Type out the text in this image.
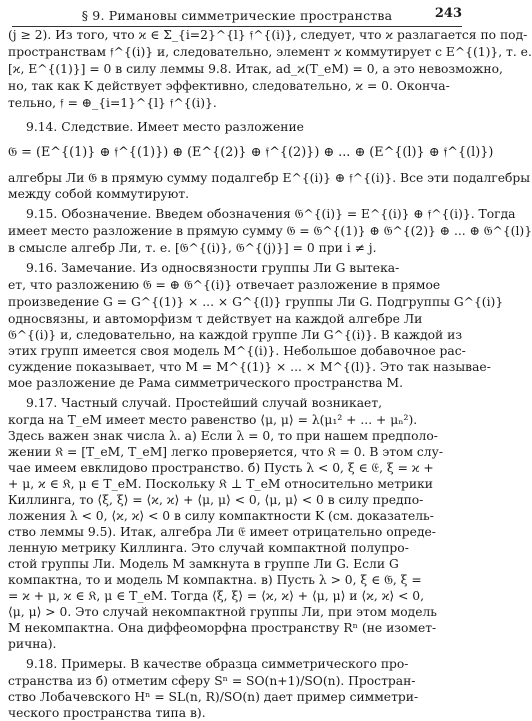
§ 9. Римановы симметрические пространства	243
(j ≥ 2). Из того, что ϰ ∈ Σ_{i=2}^{l} 𝔣^{(i)}, следует, что ϰ разлагается по под-
пространствам 𝔣^{(i)} и, следовательно, элемент ϰ коммутирует с E^{(1)}, т. е.
[ϰ, E^{(1)}] = 0 в силу леммы 9.8. Итак, ad_ϰ(T_eM) = 0, а это невозможно,
но, так как K действует эффективно, следовательно, ϰ = 0. Оконча-
тельно, 𝔣 = ⊕_{i=1}^{l} 𝔣^{(i)}.
9.14. Следствие. Имеет место разложение
𝔊 = (E^{(1)} ⊕ 𝔣^{(1)}) ⊕ (E^{(2)} ⊕ 𝔣^{(2)}) ⊕ ... ⊕ (E^{(l)} ⊕ 𝔣^{(l)})
алгебры Ли 𝔊 в прямую сумму подалгебр E^{(i)} ⊕ 𝔣^{(i)}. Все эти подалгебры
между собой коммутируют.
9.15. Обозначение. Введем обозначения 𝔊^{(i)} = E^{(i)} ⊕ 𝔣^{(i)}. Тогда
имеет место разложение в прямую сумму 𝔊 = 𝔊^{(1)} ⊕ 𝔊^{(2)} ⊕ ... ⊕ 𝔊^{(l)}
в смысле алгебр Ли, т. е. [𝔊^{(i)}, 𝔊^{(j)}] = 0 при i ≠ j.
9.16. Замечание. Из односвязности группы Ли G вытека-
ет, что разложению 𝔊 = ⊕ 𝔊^{(i)} отвечает разложение в прямое
произведение G = G^{(1)} × ... × G^{(l)} группы Ли G. Подгруппы G^{(i)}
односвязны, и автоморфизм τ действует на каждой алгебре Ли
𝔊^{(i)} и, следовательно, на каждой группе Ли G^{(i)}. В каждой из
этих групп имеется своя модель M^{(i)}. Небольшое добавочное рас-
суждение показывает, что M = M^{(1)} × ... × M^{(l)}. Это так называе-
мое разложение де Рама симметрического пространства M.
9.17. Частный случай. Простейший случай возникает,
когда на T_eM имеет место равенство ⟨μ, μ⟩ = λ(μ₁² + ... + μₙ²).
Здесь важен знак числа λ. а) Если λ = 0, то при нашем предполо-
жении 𝔎 = [T_eM, T_eM] легко проверяется, что 𝔎 = 0. В этом слу-
чае имеем евклидово пространство. б) Пусть λ < 0, ξ ∈ 𝔈, ξ = ϰ +
+ μ, ϰ ∈ 𝔎, μ ∈ T_eM. Поскольку 𝔎 ⊥ T_eM относительно метрики
Киллинга, то ⟨ξ, ξ⟩ = ⟨ϰ, ϰ⟩ + ⟨μ, μ⟩ < 0, ⟨μ, μ⟩ < 0 в силу предпо-
ложения λ < 0, ⟨ϰ, ϰ⟩ < 0 в силу компактности K (см. доказатель-
ство леммы 9.5). Итак, алгебра Ли 𝔈 имеет отрицательно опреде-
ленную метрику Киллинга. Это случай компактной полупро-
стой группы Ли. Модель M замкнута в группе Ли G. Если G
компактна, то и модель M компактна. в) Пусть λ > 0, ξ ∈ 𝔊, ξ =
= ϰ + μ, ϰ ∈ 𝔎, μ ∈ T_eM. Тогда ⟨ξ, ξ⟩ = ⟨ϰ, ϰ⟩ + ⟨μ, μ⟩ и ⟨ϰ, ϰ⟩ < 0,
⟨μ, μ⟩ > 0. Это случай некомпактной группы Ли, при этом модель
M некомпактна. Она диффеоморфна пространству Rⁿ (не изомет-
рична).
9.18. Примеры. В качестве образца симметрического про-
странства из б) отметим сферу Sⁿ = SO(n+1)/SO(n). Простран-
ство Лобачевского Hⁿ = SL(n, R)/SO(n) дает пример симметри-
ческого пространства типа в).
